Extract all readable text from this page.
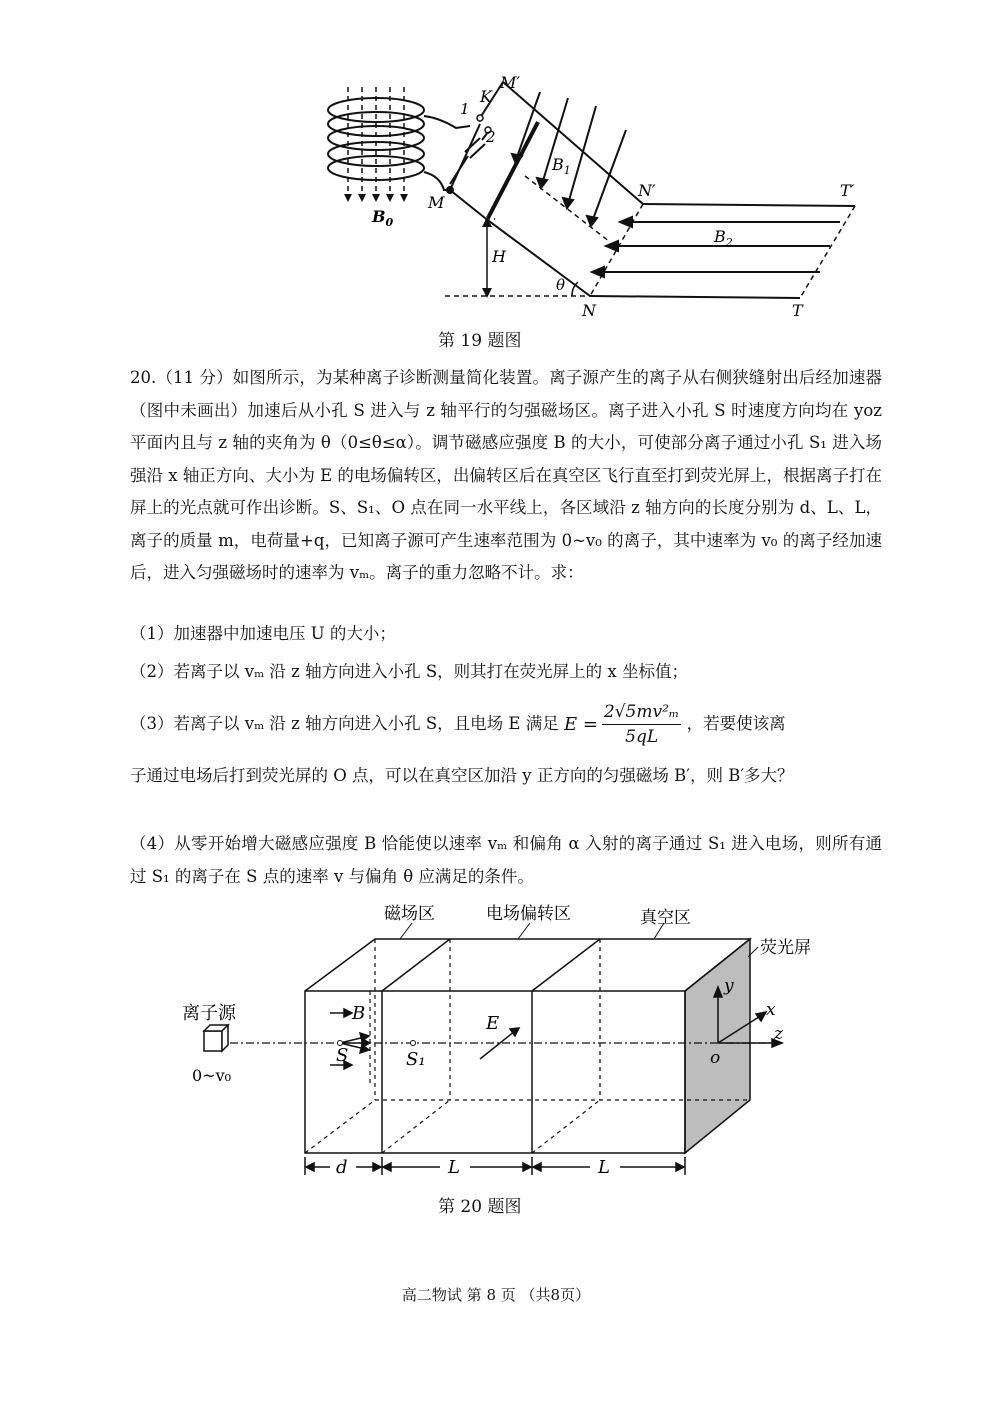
K
M′
1
2
$B_1$
N′	T′
$B_0$
M
$B_2$
H
θ
N	T
第 19 题图

20.（11 分）如图所示，为某种离子诊断测量简化装置。离子源产生的离子从右侧狭缝射出后经加速器（图中未画出）加速后从小孔 S 进入与 z 轴平行的匀强磁场区。离子进入小孔 S 时速度方向均在 yoz 平面内且与 z 轴的夹角为 θ（0≤θ≤α）。调节磁感应强度 B 的大小，可使部分离子通过小孔 S₁ 进入场强沿 x 轴正方向、大小为 E 的电场偏转区，出偏转区后在真空区飞行直至打到荧光屏上，根据离子打在屏上的光点就可作出诊断。S、S₁、O 点在同一水平线上，各区域沿 z 轴方向的长度分别为 d、L、L，离子的质量 m，电荷量+q，已知离子源可产生速率范围为 0~v₀ 的离子，其中速率为 v₀ 的离子经加速后，进入匀强磁场时的速率为 vₘ。离子的重力忽略不计。求：

（1）加速器中加速电压 U 的大小；

（2）若离子以 vₘ 沿 z 轴方向进入小孔 S，则其打在荧光屏上的 x 坐标值；

（3）若离子以 vₘ 沿 z 轴方向进入小孔 S，且电场 E 满足 $E = \frac{\text{2√5mv²ₘ}}{5qL}$ ，若要使该离

子通过电场后打到荧光屏的 O 点，可以在真空区加沿 y 正方向的匀强磁场 B′，则 B′多大？

（4）从零开始增大磁感应强度 B 恰能使以速率 vₘ 和偏角 α 入射的离子通过 S₁ 进入电场，则所有通过 S₁ 的离子在 S 点的速率 v 与偏角 θ 应满足的条件。

磁场区	电场偏转区	真空区
荧光屏
离子源
0~v₀
B
S	S₁
E
y
x
z
o
d	L	L
第 20 题图
高二物试 第 8 页 （共8页）
